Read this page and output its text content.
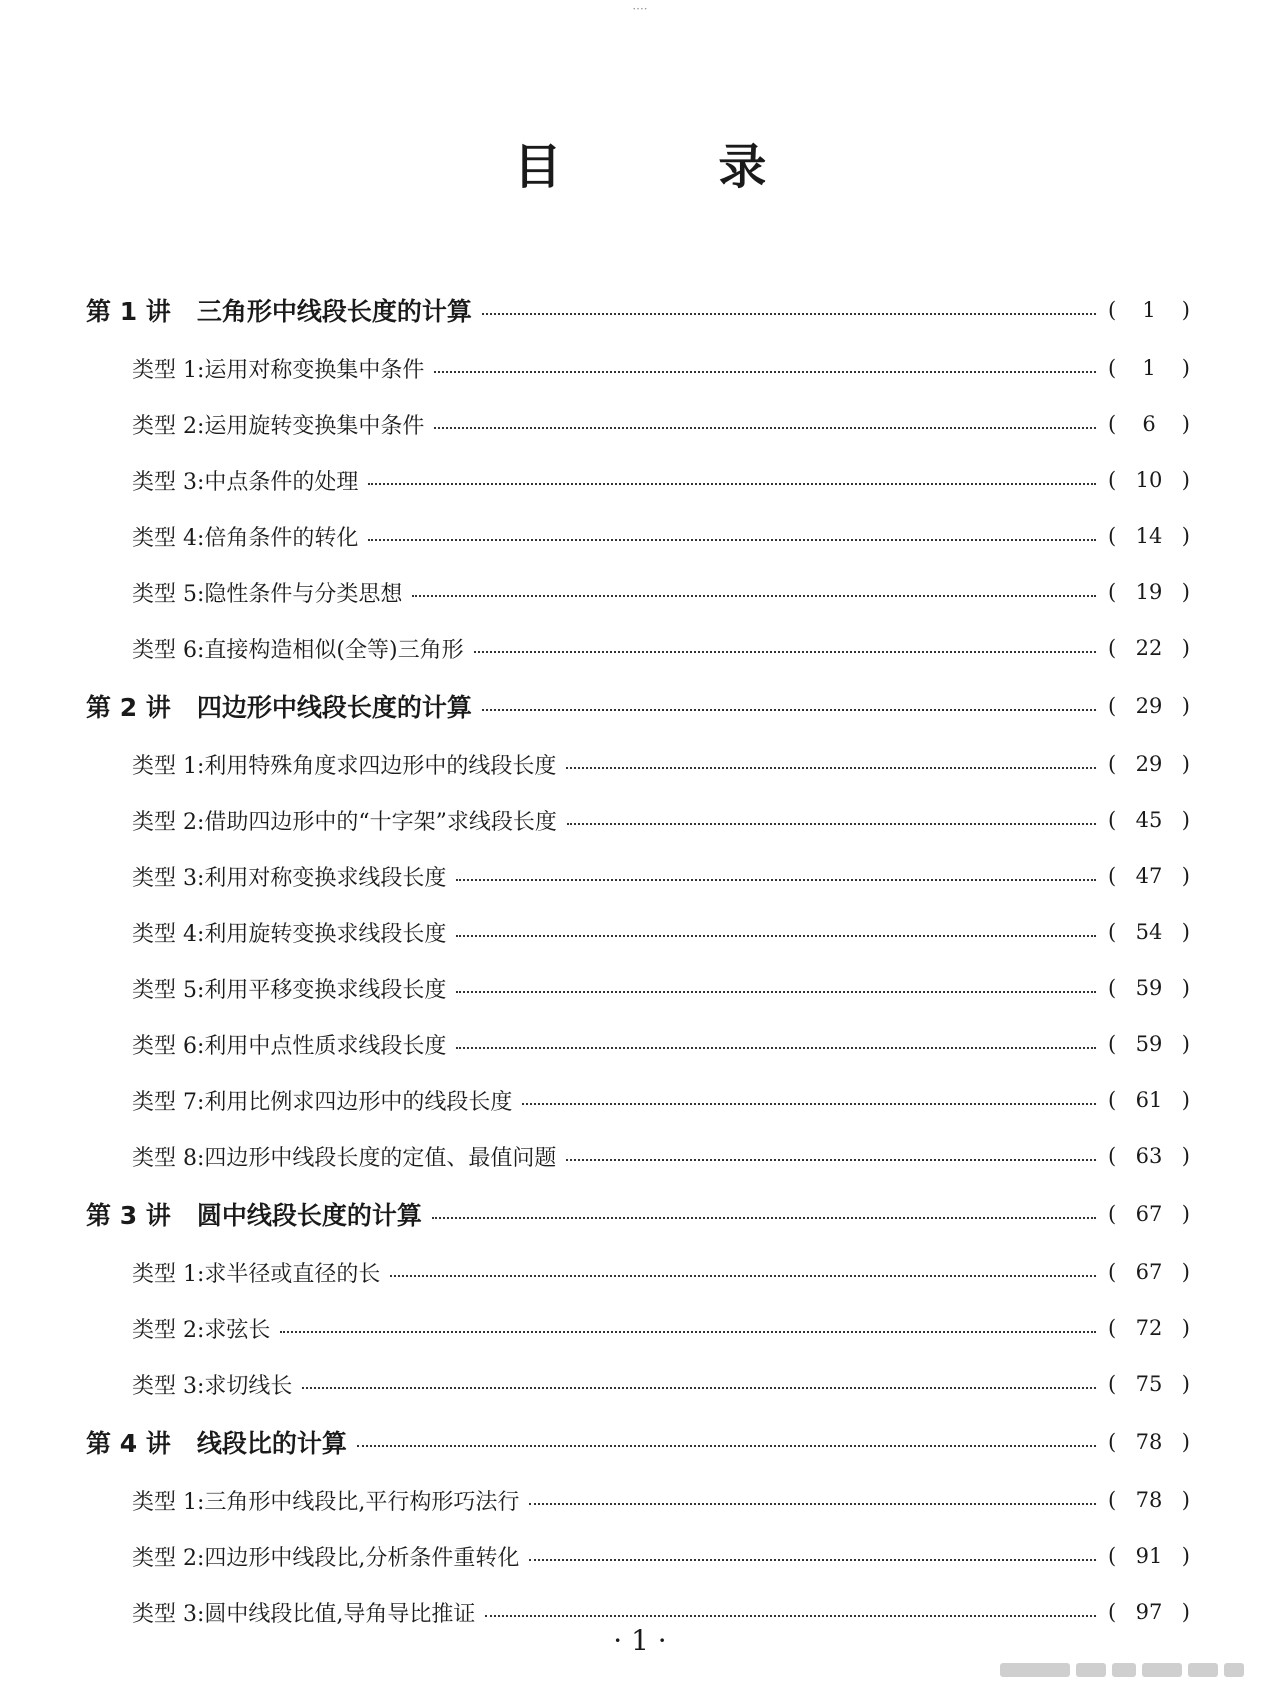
····
目 录
第 1 讲 三角形中线段长度的计算	(	1	)
类型 1:运用对称变换集中条件	(	1	)
类型 2:运用旋转变换集中条件	(	6	)
类型 3:中点条件的处理	( 10 )
类型 4:倍角条件的转化	( 14 )
类型 5:隐性条件与分类思想	( 19 )
类型 6:直接构造相似(全等)三角形	( 22 )
第 2 讲 四边形中线段长度的计算	( 29 )
类型 1:利用特殊角度求四边形中的线段长度	( 29 )
类型 2:借助四边形中的“十字架”求线段长度	( 45 )
类型 3:利用对称变换求线段长度	( 47 )
类型 4:利用旋转变换求线段长度	( 54 )
类型 5:利用平移变换求线段长度	( 59 )
类型 6:利用中点性质求线段长度	( 59 )
类型 7:利用比例求四边形中的线段长度	( 61 )
类型 8:四边形中线段长度的定值、最值问题	( 63 )
第 3 讲 圆中线段长度的计算	( 67 )
类型 1:求半径或直径的长	( 67 )
类型 2:求弦长	( 72 )
类型 3:求切线长	( 75 )
第 4 讲 线段比的计算	( 78 )
类型 1:三角形中线段比,平行构形巧法行	( 78 )
类型 2:四边形中线段比,分析条件重转化	( 91 )
类型 3:圆中线段比值,导角导比推证	( 97 )
· 1 ·
